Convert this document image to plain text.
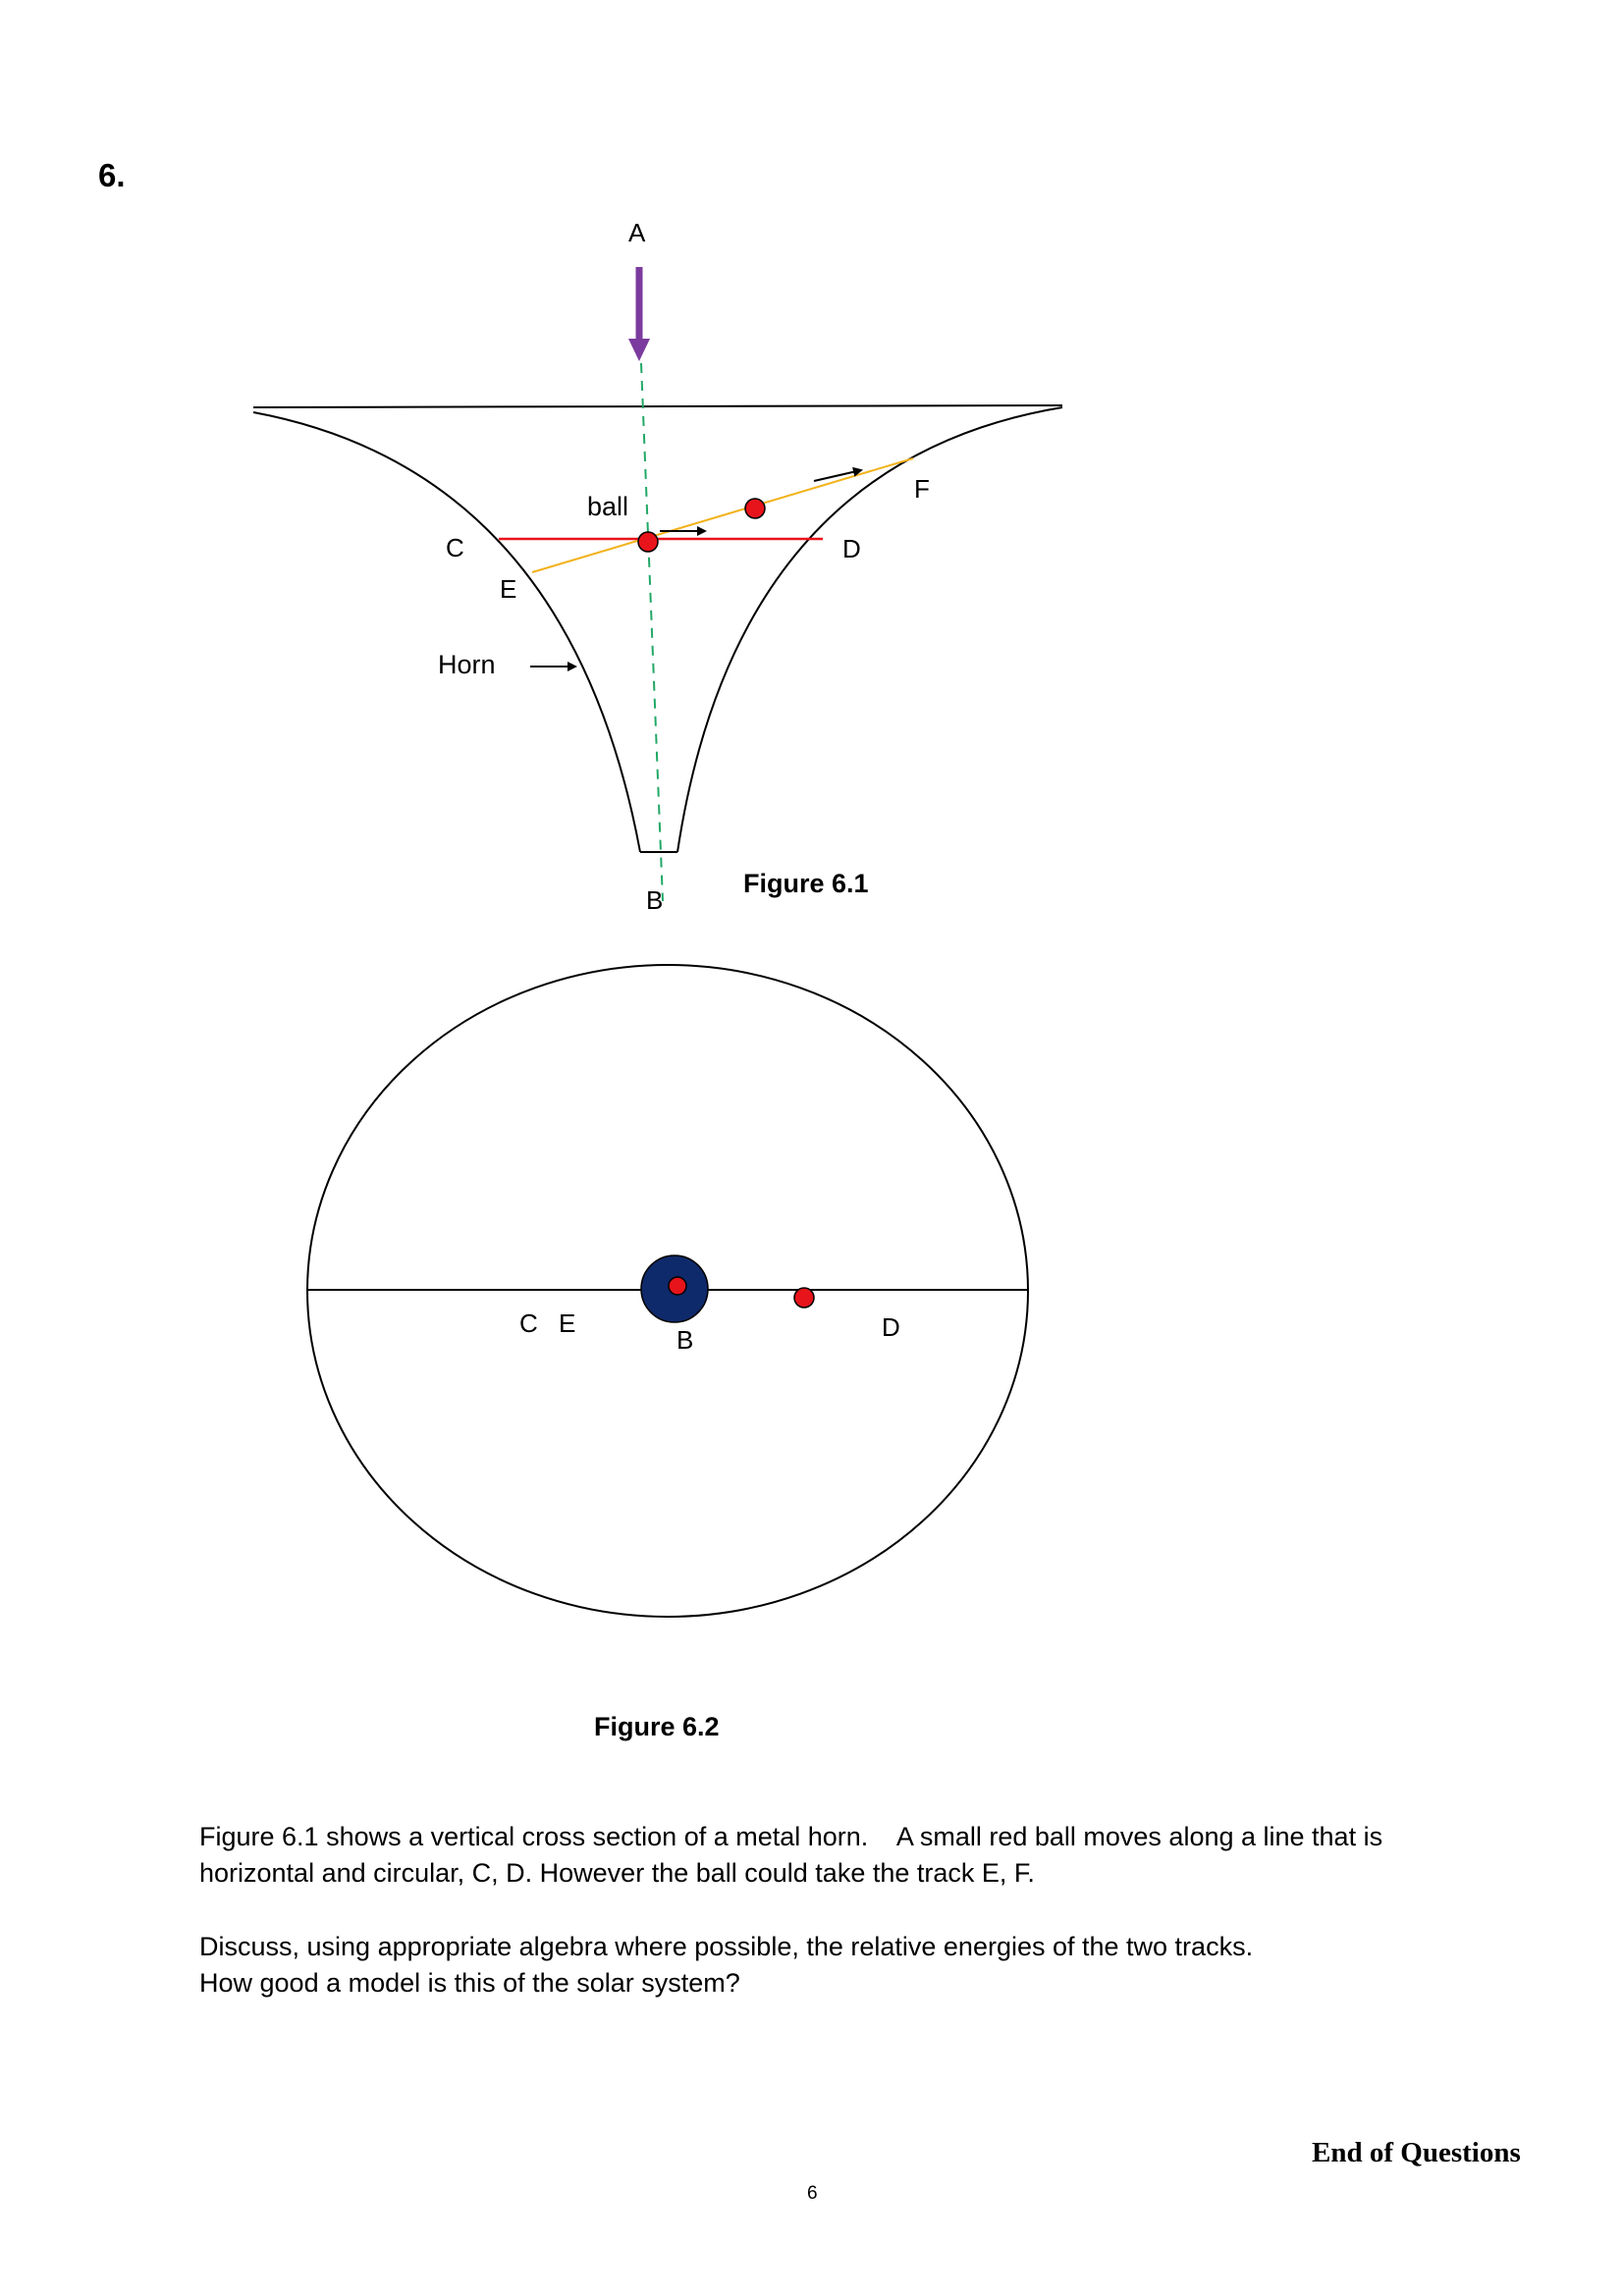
6.
A
ball
C	D
E
F
Horn
B
Figure 6.1
C E
B	D
Figure 6.2
Figure 6.1 shows a vertical cross section of a metal horn.    A small red ball moves along a line that is
horizontal and circular, C, D. However the ball could take the track E, F.
Discuss, using appropriate algebra where possible, the relative energies of the two tracks.
How good a model is this of the solar system?
End of Questions
6
